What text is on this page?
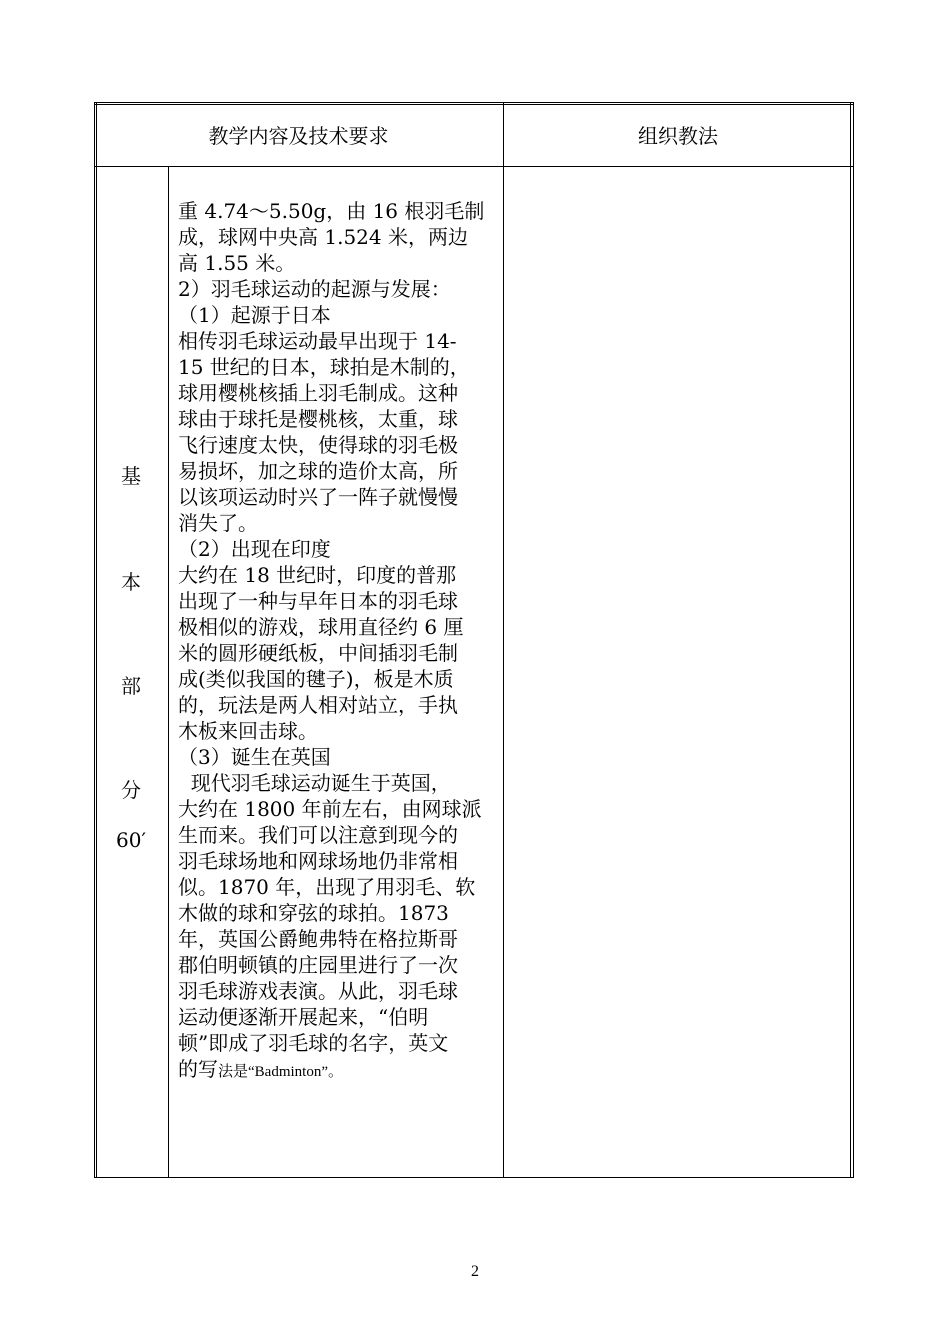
教学内容及技术要求	组织教法
基
本
部
分
60′

重 4.74～5.50g，由 16 根羽毛制

成，球网中央高 1.524 米，两边

高 1.55 米。

2）羽毛球运动的起源与发展：

（1）起源于日本

相传羽毛球运动最早出现于 14-

15 世纪的日本，球拍是木制的，

球用樱桃核插上羽毛制成。这种

球由于球托是樱桃核，太重，球

飞行速度太快，使得球的羽毛极

易损坏，加之球的造价太高，所

以该项运动时兴了一阵子就慢慢

消失了。

（2）出现在印度

大约在 18 世纪时，印度的普那

出现了一种与早年日本的羽毛球

极相似的游戏，球用直径约 6 厘

米的圆形硬纸板，中间插羽毛制

成(类似我国的毽子)，板是木质

的，玩法是两人相对站立，手执

木板来回击球。

（3）诞生在英国

现代羽毛球运动诞生于英国，

大约在 1800 年前左右，由网球派

生而来。我们可以注意到现今的

羽毛球场地和网球场地仍非常相

似。1870 年，出现了用羽毛、软

木做的球和穿弦的球拍。1873

年，英国公爵鲍弗特在格拉斯哥

郡伯明顿镇的庄园里进行了一次

羽毛球游戏表演。从此，羽毛球

运动便逐渐开展起来，“伯明

顿”即成了羽毛球的名字，英文

的写法是“Badminton”。

2
